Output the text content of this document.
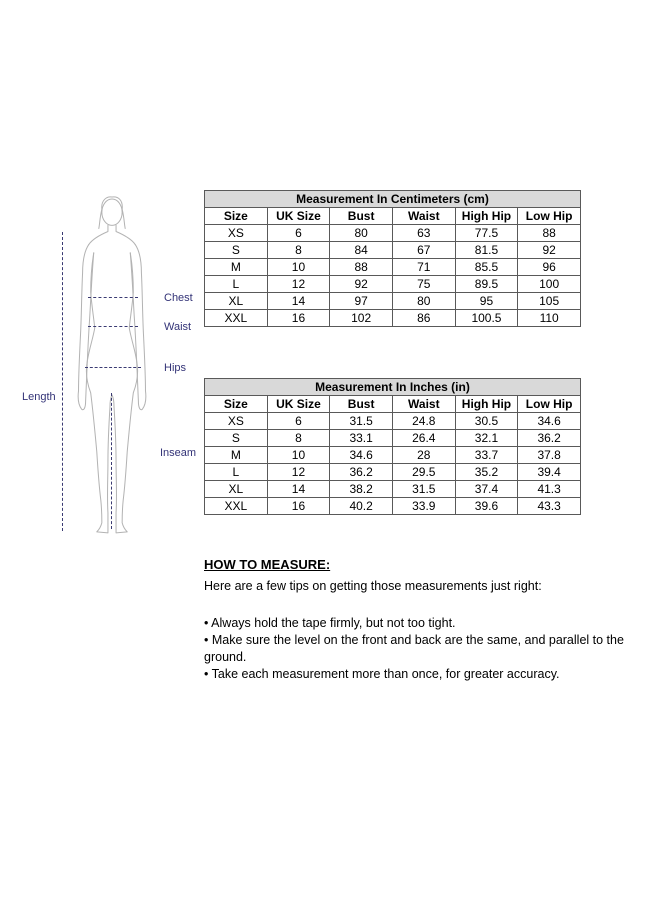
Length
Chest
Waist
Hips
Inseam
Measurement In Centimeters (cm)					
Size	UK Size	Bust	Waist	High Hip	Low Hip
XS	6	80	63	77.5	88
S	8	84	67	81.5	92
M	10	88	71	85.5	96
L	12	92	75	89.5	100
XL	14	97	80	95	105
XXL	16	102	86	100.5	110
Measurement In Inches (in)					
Size	UK Size	Bust	Waist	High Hip	Low Hip
XS	6	31.5	24.8	30.5	34.6
S	8	33.1	26.4	32.1	36.2
M	10	34.6	28	33.7	37.8
L	12	36.2	29.5	35.2	39.4
XL	14	38.2	31.5	37.4	41.3
XXL	16	40.2	33.9	39.6	43.3
HOW TO MEASURE:

Here are a few tips on getting those measurements just right:

• Always hold the tape firmly, but not too tight.
• Make sure the level on the front and back are the same, and parallel to the ground.
• Take each measurement more than once, for greater accuracy.
